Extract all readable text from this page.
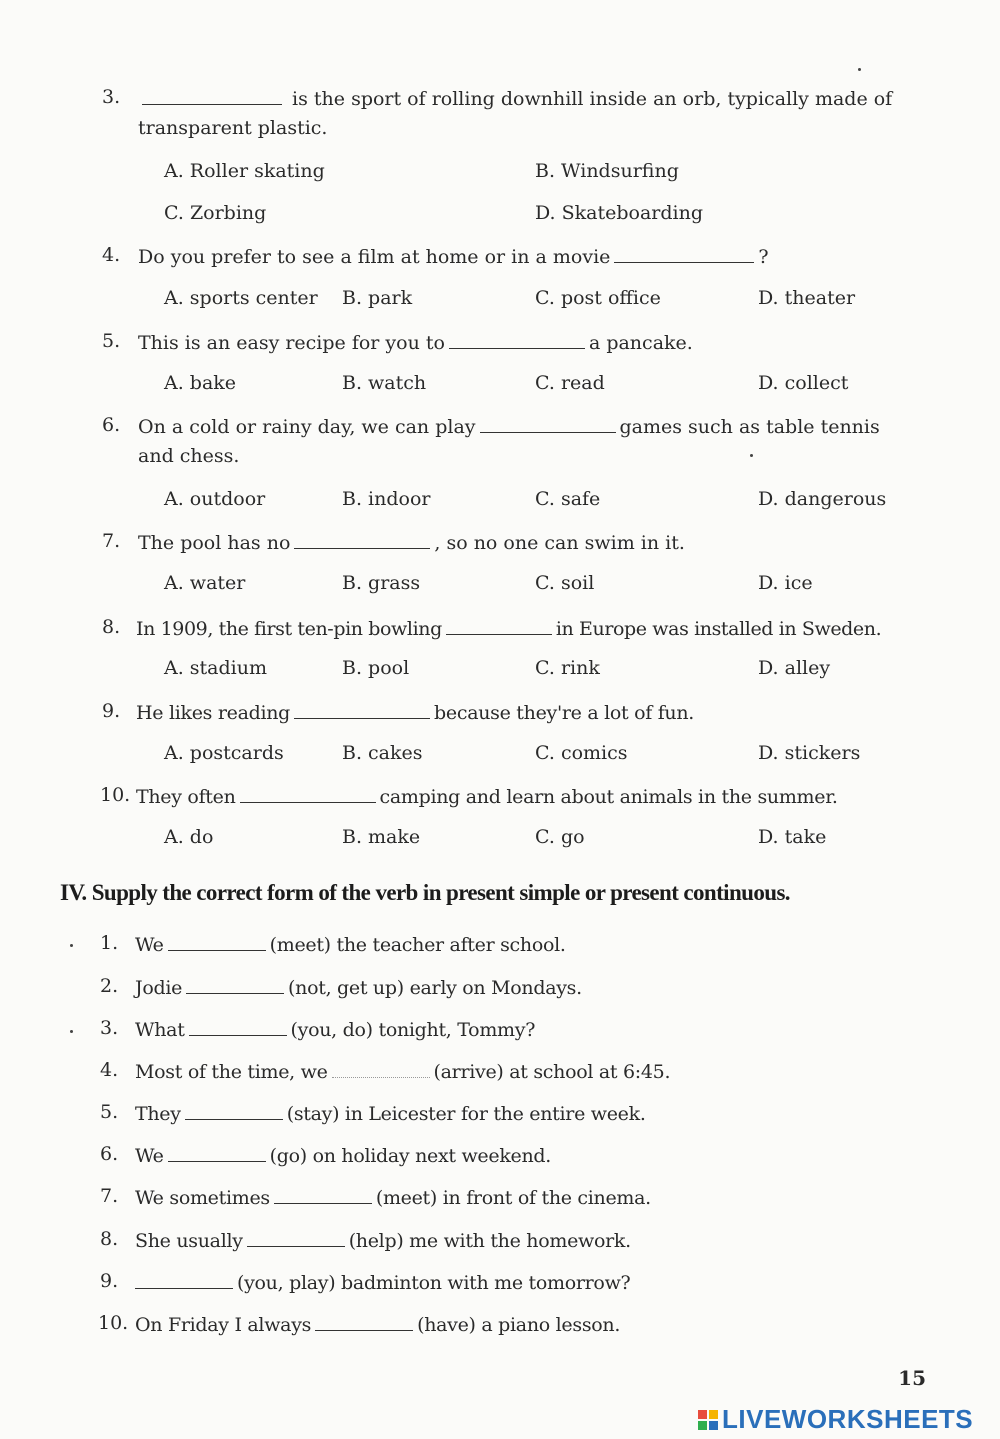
3.	is the sport of rolling downhill inside an orb, typically made of
transparent plastic.
A. Roller skating	B. Windsurfing
C. Zorbing	D. Skateboarding
4. Do you prefer to see a film at home or in a movie	?
A. sports center B. park	C. post office	D. theater
5. This is an easy recipe for you to	a pancake.
A. bake	B. watch	C. read	D. collect
6. On a cold or rainy day, we can play	games such as table tennis
and chess.
A. outdoor	B. indoor	C. safe	D. dangerous
7. The pool has no	, so no one can swim in it.
A. water	B. grass	C. soil	D. ice
8. In 1909, the first ten-pin bowling	in Europe was installed in Sweden.
A. stadium	B. pool	C. rink	D. alley
9. He likes reading	because they're a lot of fun.
A. postcards	B. cakes	C. comics	D. stickers
10. They often	camping and learn about animals in the summer.
A. do	B. make	C. go	D. take
IV. Supply the correct form of the verb in present simple or present continuous.
1. We	(meet) the teacher after school.
2. Jodie	(not, get up) early on Mondays.
3. What	(you, do) tonight, Tommy?
4. Most of the time, we	(arrive) at school at 6:45.
5. They	(stay) in Leicester for the entire week.
6. We	(go) on holiday next weekend.
7. We sometimes	(meet) in front of the cinema.
8. She usually	(help) me with the homework.
9.	(you, play) badminton with me tomorrow?
10. On Friday I always	(have) a piano lesson.
15
LIVEWORKSHEETS
